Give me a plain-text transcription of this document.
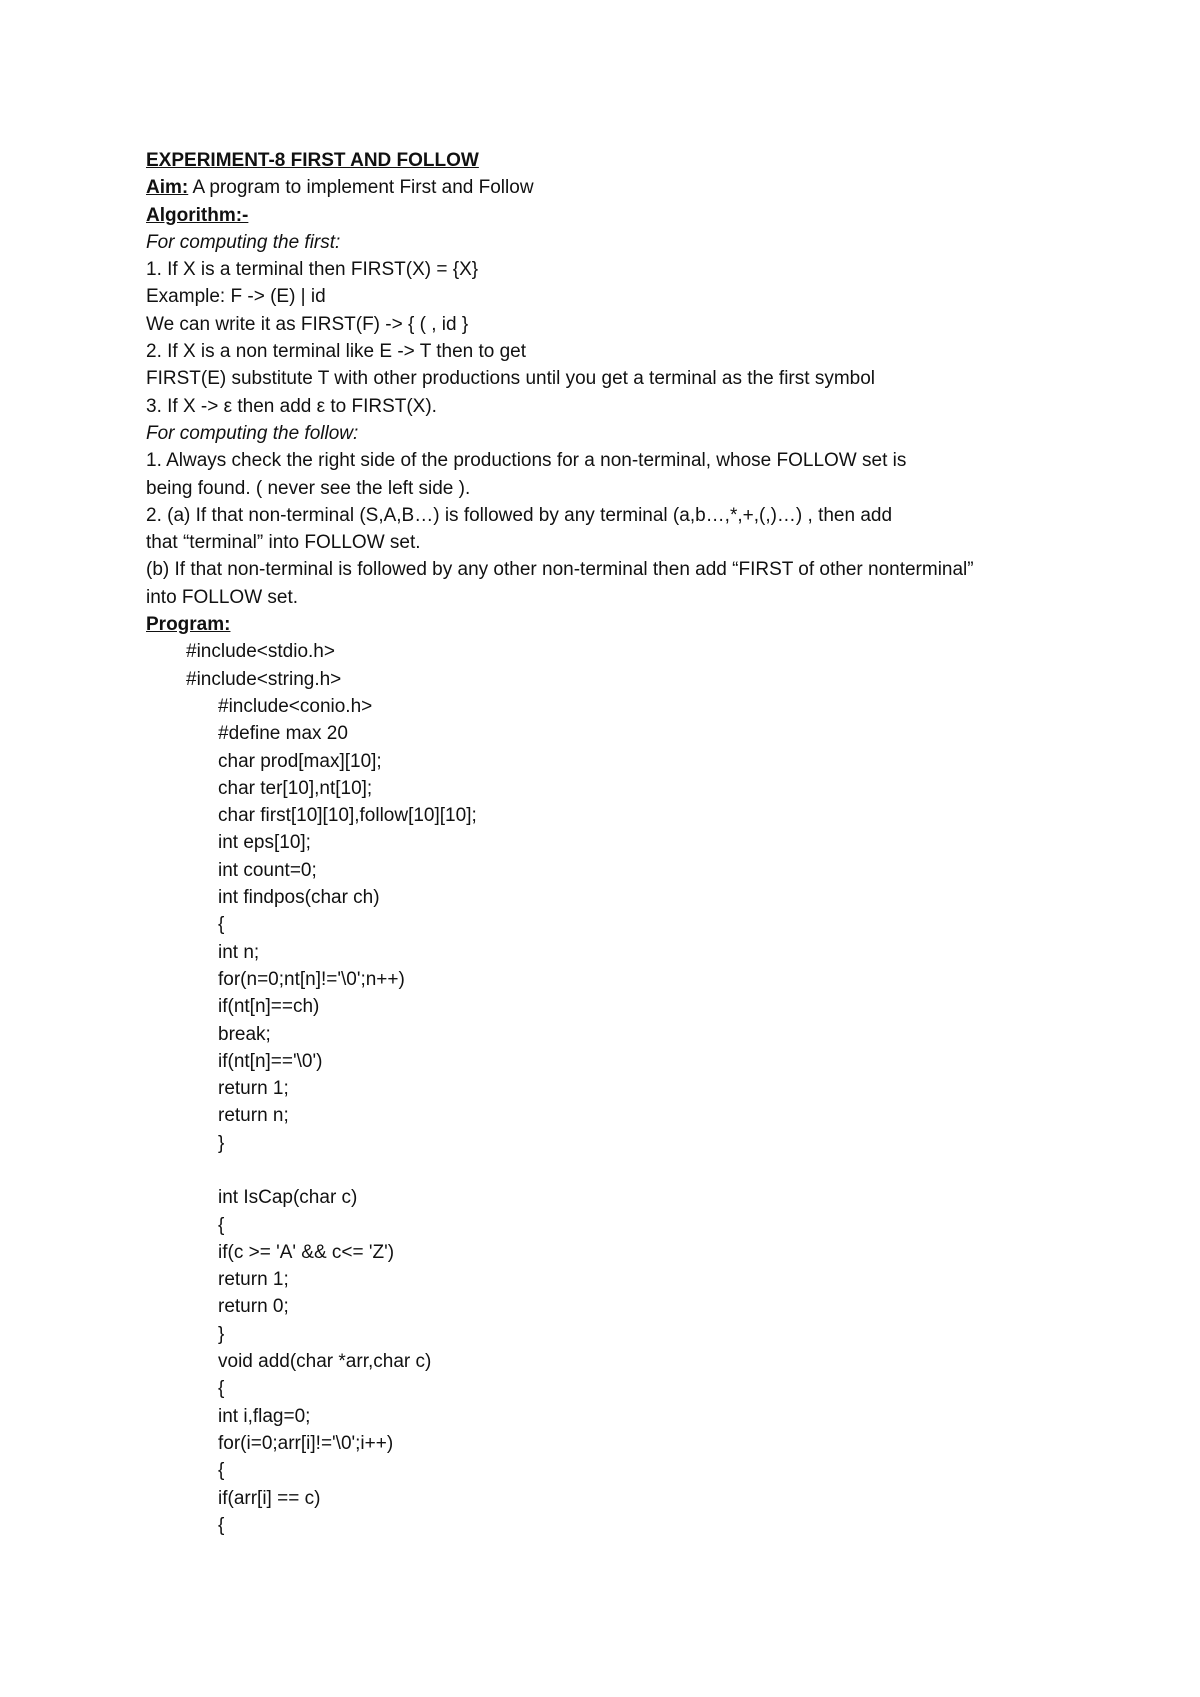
EXPERIMENT-8 FIRST AND FOLLOW
Aim: A program to implement First and Follow
Algorithm:-
For computing the first:
1. If X is a terminal then FIRST(X) = {X}
Example: F -> (E) | id
We can write it as FIRST(F) -> { ( , id }
2. If X is a non terminal like E -> T then to get
FIRST(E) substitute T with other productions until you get a terminal as the first symbol
3. If X -> ε then add ε to FIRST(X).
For computing the follow:
1. Always check the right side of the productions for a non-terminal, whose FOLLOW set is
being found. ( never see the left side ).
2. (a) If that non-terminal (S,A,B…) is followed by any terminal (a,b…,*,+,(,)…) , then add
that “terminal” into FOLLOW set.
(b) If that non-terminal is followed by any other non-terminal then add “FIRST of other nonterminal”
into FOLLOW set.
Program:
#include<stdio.h>
#include<string.h>
#include<conio.h>
#define max 20
char prod[max][10];
char ter[10],nt[10];
char first[10][10],follow[10][10];
int eps[10];
int count=0;
int findpos(char ch)
{
int n;
for(n=0;nt[n]!='\0';n++)
if(nt[n]==ch)
break;
if(nt[n]=='\0')
return 1;
return n;
}
int IsCap(char c)
{
if(c >= 'A' && c<= 'Z')
return 1;
return 0;
}
void add(char *arr,char c)
{
int i,flag=0;
for(i=0;arr[i]!='\0';i++)
{
if(arr[i] == c)
{
